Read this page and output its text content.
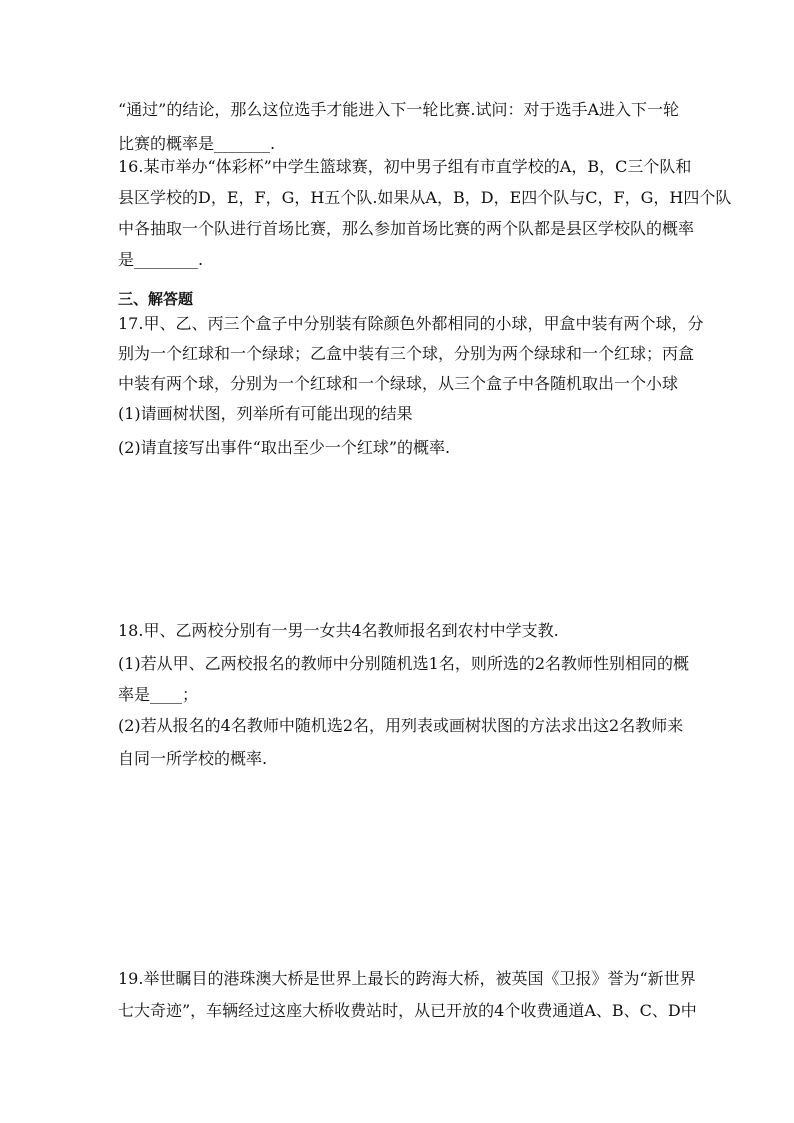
“通过”的结论，那么这位选手才能进入下一轮比赛.试问：对于选手A进入下一轮
比赛的概率是_______.
16.某市举办“体彩杯”中学生篮球赛，初中男子组有市直学校的A，B，C三个队和
县区学校的D，E，F，G，H五个队.如果从A，B，D，E四个队与C，F，G，H四个队
中各抽取一个队进行首场比赛，那么参加首场比赛的两个队都是县区学校队的概率
是________.
三、解答题
17.甲、乙、丙三个盒子中分别装有除颜色外都相同的小球，甲盒中装有两个球，分
别为一个红球和一个绿球；乙盒中装有三个球，分别为两个绿球和一个红球；丙盒
中装有两个球，分别为一个红球和一个绿球，从三个盒子中各随机取出一个小球
(1)请画树状图，列举所有可能出现的结果
(2)请直接写出事件“取出至少一个红球”的概率.
18.甲、乙两校分别有一男一女共4名教师报名到农村中学支教.
(1)若从甲、乙两校报名的教师中分别随机选1名，则所选的2名教师性别相同的概
率是____；
(2)若从报名的4名教师中随机选2名，用列表或画树状图的方法求出这2名教师来
自同一所学校的概率.
19.举世瞩目的港珠澳大桥是世界上最长的跨海大桥，被英国《卫报》誉为“新世界
七大奇迹”，车辆经过这座大桥收费站时，从已开放的4个收费通道A、B、C、D中
